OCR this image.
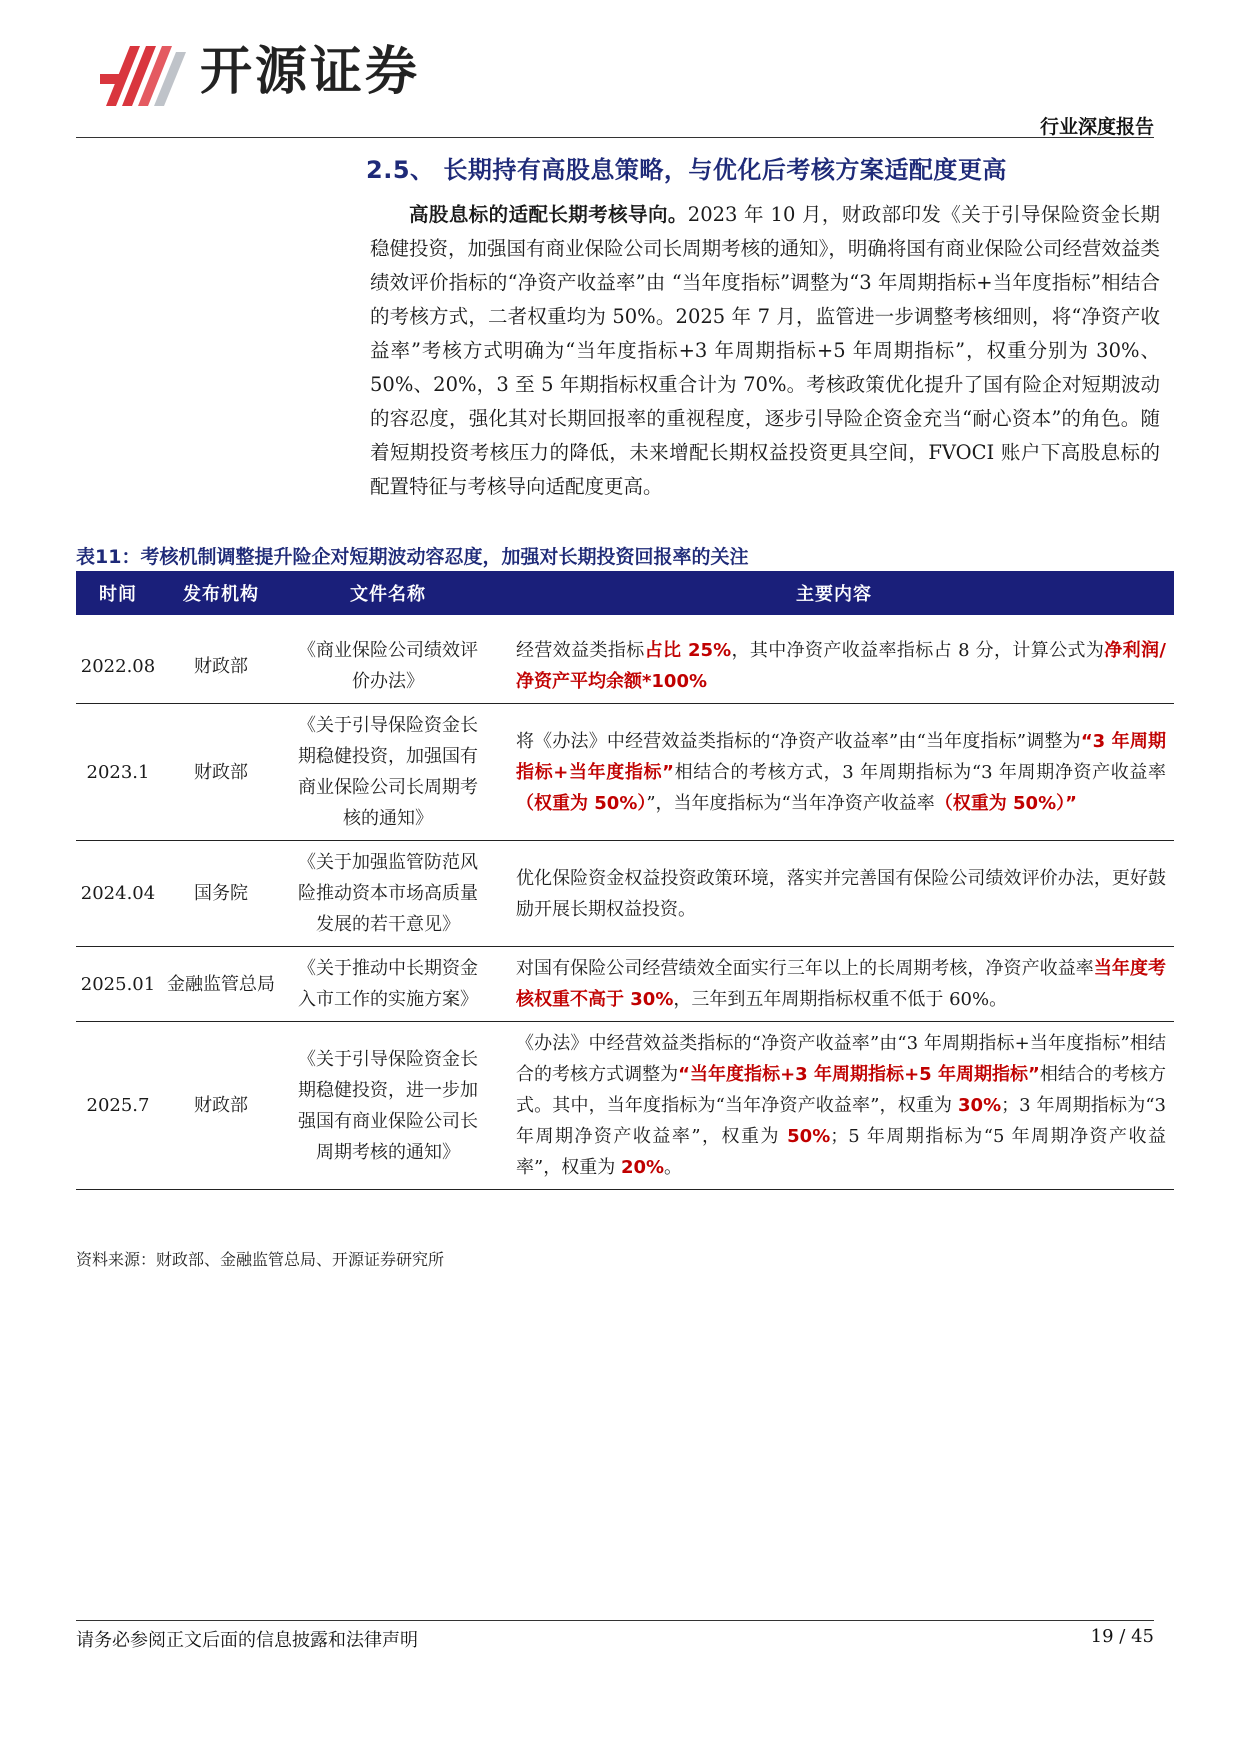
开源证券
行业深度报告
2.5、 长期持有高股息策略，与优化后考核方案适配度更高

高股息标的适配长期考核导向。2023 年 10 月，财政部印发《关于引导保险资金长期稳健投资，加强国有商业保险公司长周期考核的通知》，明确将国有商业保险公司经营效益类绩效评价指标的“净资产收益率”由 “当年度指标”调整为“3 年周期指标+当年度指标”相结合的考核方式，二者权重均为 50%。2025 年 7 月，监管进一步调整考核细则，将“净资产收益率”考核方式明确为“当年度指标+3 年周期指标+5 年周期指标”，权重分别为 30%、50%、20%，3 至 5 年期指标权重合计为 70%。考核政策优化提升了国有险企对短期波动的容忍度，强化其对长期回报率的重视程度，逐步引导险企资金充当“耐心资本”的角色。随着短期投资考核压力的降低，未来增配长期权益投资更具空间，FVOCI 账户下高股息标的配置特征与考核导向适配度更高。

表11：考核机制调整提升险企对短期波动容忍度，加强对长期投资回报率的关注
时间	发布机构	文件名称	主要内容

2022.08	财政部	《商业保险公司绩效评价办法》	经营效益类指标占比 25%，其中净资产收益率指标占 8 分，计算公式为净利润/净资产平均余额*100%
2023.1	财政部	《关于引导保险资金长期稳健投资，加强国有商业保险公司长周期考核的通知》	将《办法》中经营效益类指标的“净资产收益率”由“当年度指标”调整为“3 年周期指标+当年度指标”相结合的考核方式，3 年周期指标为“3 年周期净资产收益率（权重为 50%）”，当年度指标为“当年净资产收益率（权重为 50%）”
2024.04	国务院	《关于加强监管防范风险推动资本市场高质量发展的若干意见》	优化保险资金权益投资政策环境，落实并完善国有保险公司绩效评价办法，更好鼓励开展长期权益投资。
2025.01	金融监管总局	《关于推动中长期资金入市工作的实施方案》	对国有保险公司经营绩效全面实行三年以上的长周期考核，净资产收益率当年度考核权重不高于 30%，三年到五年周期指标权重不低于 60%。
2025.7	财政部	《关于引导保险资金长期稳健投资，进一步加强国有商业保险公司长周期考核的通知》	《办法》中经营效益类指标的“净资产收益率”由“3 年周期指标+当年度指标”相结合的考核方式调整为“当年度指标+3 年周期指标+5 年周期指标”相结合的考核方式。其中，当年度指标为“当年净资产收益率”，权重为 30%；3 年周期指标为“3 年周期净资产收益率”，权重为 50%；5 年周期指标为“5 年周期净资产收益率”，权重为 20%。
资料来源：财政部、金融监管总局、开源证券研究所
请务必参阅正文后面的信息披露和法律声明	19 / 45
